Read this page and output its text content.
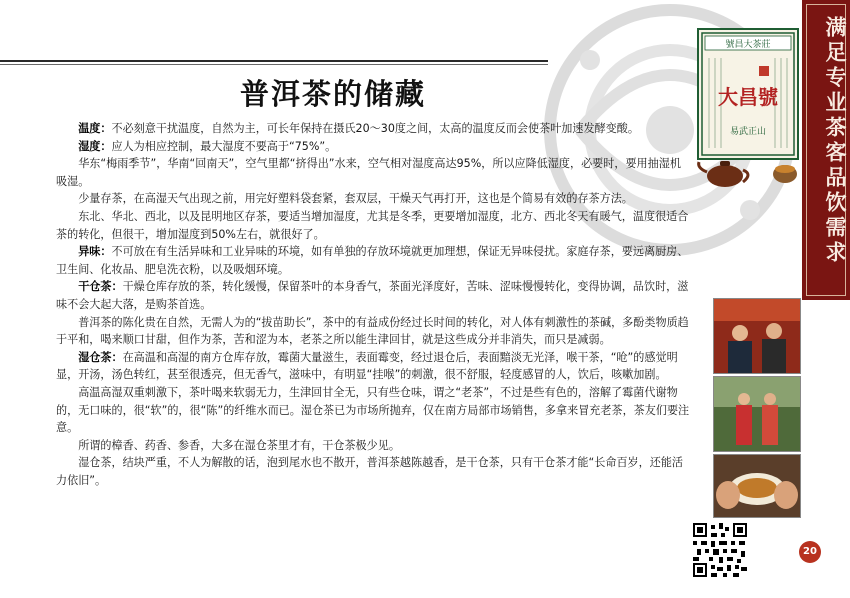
普洱茶的储藏

温度：不必刻意干扰温度，自然为主，可长年保持在摄氏20～30度之间，太高的温度反而会使茶叶加速发酵变酸。

湿度：应人为相应控制，最大湿度不要高于“75%”。

华东“梅雨季节”，华南“回南天”，空气里都“挤得出”水来，空气相对湿度高达95%，所以应降低湿度，必要时，要用抽湿机吸湿。

少量存茶，在高湿天气出现之前，用完好塑料袋套紧，套双层，干燥天气再打开，这也是个简易有效的存茶方法。

东北、华北、西北，以及昆明地区存茶，要适当增加湿度，尤其是冬季，更要增加湿度，北方、西北冬天有暖气，温度很适合茶的转化，但很干，增加湿度到50%左右，就很好了。

异味：不可放在有生活异味和工业异味的环境，如有单独的存放环境就更加理想，保证无异味侵扰。家庭存茶，要远离厨房、卫生间、化妆品、肥皂洗衣粉，以及吸烟环境。

干仓茶：干燥仓库存放的茶，转化缓慢，保留茶叶的本身香气，茶面光泽度好，苦味、涩味慢慢转化，变得协调，品饮时，滋味不会大起大落，是购茶首选。

普洱茶的陈化贵在自然，无需人为的“拔苗助长”，茶中的有益成份经过长时间的转化，对人体有刺激性的茶碱，多酚类物质趋于平和，喝来顺口甘甜，但作为茶，苦和涩为本，老茶之所以能生津回甘，就是这些成分并非消失，而只是减弱。

湿仓茶：在高温和高湿的南方仓库存放，霉菌大量滋生，表面霉变，经过退仓后，表面黯淡无光泽，喉干茶，“呛”的感觉明显，开汤，汤色转红，甚至很透亮，但无香气，滋味中，有明显“挂喉”的刺激，很不舒服，轻度感冒的人，饮后，咳嗽加剧。

高温高湿双重刺激下，茶叶喝来软弱无力，生津回甘全无，只有些仓味，谓之“老茶”，不过是些有色的，溶解了霉菌代谢物的，无口味的，很“软”的，很“陈”的纤维水而已。湿仓茶已为市场所抛弃，仅在南方局部市场销售，多拿来冒充老茶，茶友们要注意。

所谓的樟香、药香、参香，大多在湿仓茶里才有，干仓茶极少见。

湿仓茶，结块严重，不人为解散的话，泡到尾水也不散开，普洱茶越陈越香，是干仓茶，只有干仓茶才能“长命百岁，还能活力依旧”。

满足专业茶客品饮需求
號昌大茶莊
大昌號
易武正山
20
